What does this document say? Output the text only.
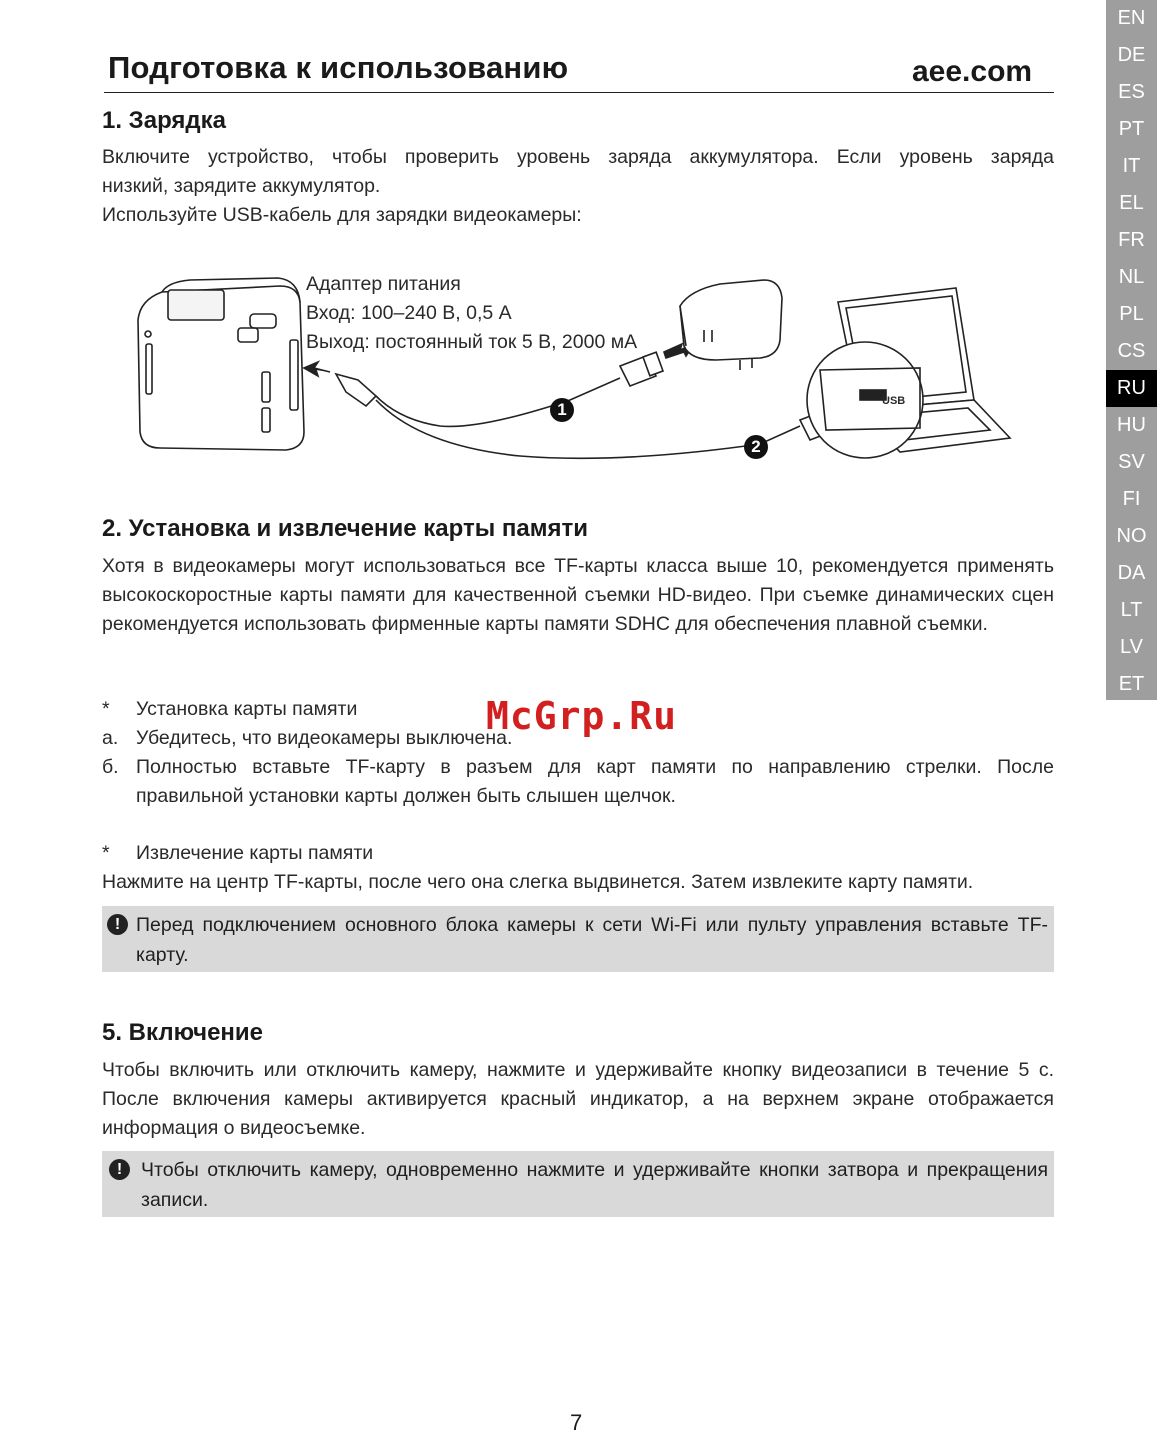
Подготовка к использованию	aee.com
EN
DE
ES
PT
IT
EL
FR
NL
PL
CS
RU
HU
SV
FI
NO
DA
LT
LV
ET
1. Зарядка
Включите устройство, чтобы проверить уровень заряда аккумулятора. Если уровень заряда
низкий, зарядите аккумулятор.
Используйте USB-кабель для зарядки видеокамеры:
Адаптер питания
Вход: 100–240 В, 0,5 А
Выход: постоянный ток 5 В, 2000 мА
USB
1
2
2. Установка и извлечение карты памяти
Хотя в видеокамеры могут использоваться все TF-карты класса выше 10, рекомендуется применять высокоскоростные карты памяти для качественной съемки HD-видео. При съемке динамических сцен рекомендуется использовать фирменные карты памяти SDHC для обеспечения плавной съемки.
* Установка карты памяти
а. Убедитесь, что видеокамеры выключена.
б. Полностью вставьте TF-карту в разъем для карт памяти по направлению стрелки. После
правильной установки карты должен быть слышен щелчок.
* Извлечение карты памяти
Нажмите на центр TF-карты, после чего она слегка выдвинется. Затем извлеките карту памяти.
! Перед подключением основного блока камеры к сети Wi-Fi или пульту управления вставьте TF-карту.
5. Включение
Чтобы включить или отключить камеру, нажмите и удерживайте кнопку видеозаписи в течение 5 с. После включения камеры активируется красный индикатор, а на верхнем экране отображается информация о видеосъемке.
! Чтобы отключить камеру, одновременно нажмите и удерживайте кнопки затвора и прекращения записи.
McGrp.Ru
7
